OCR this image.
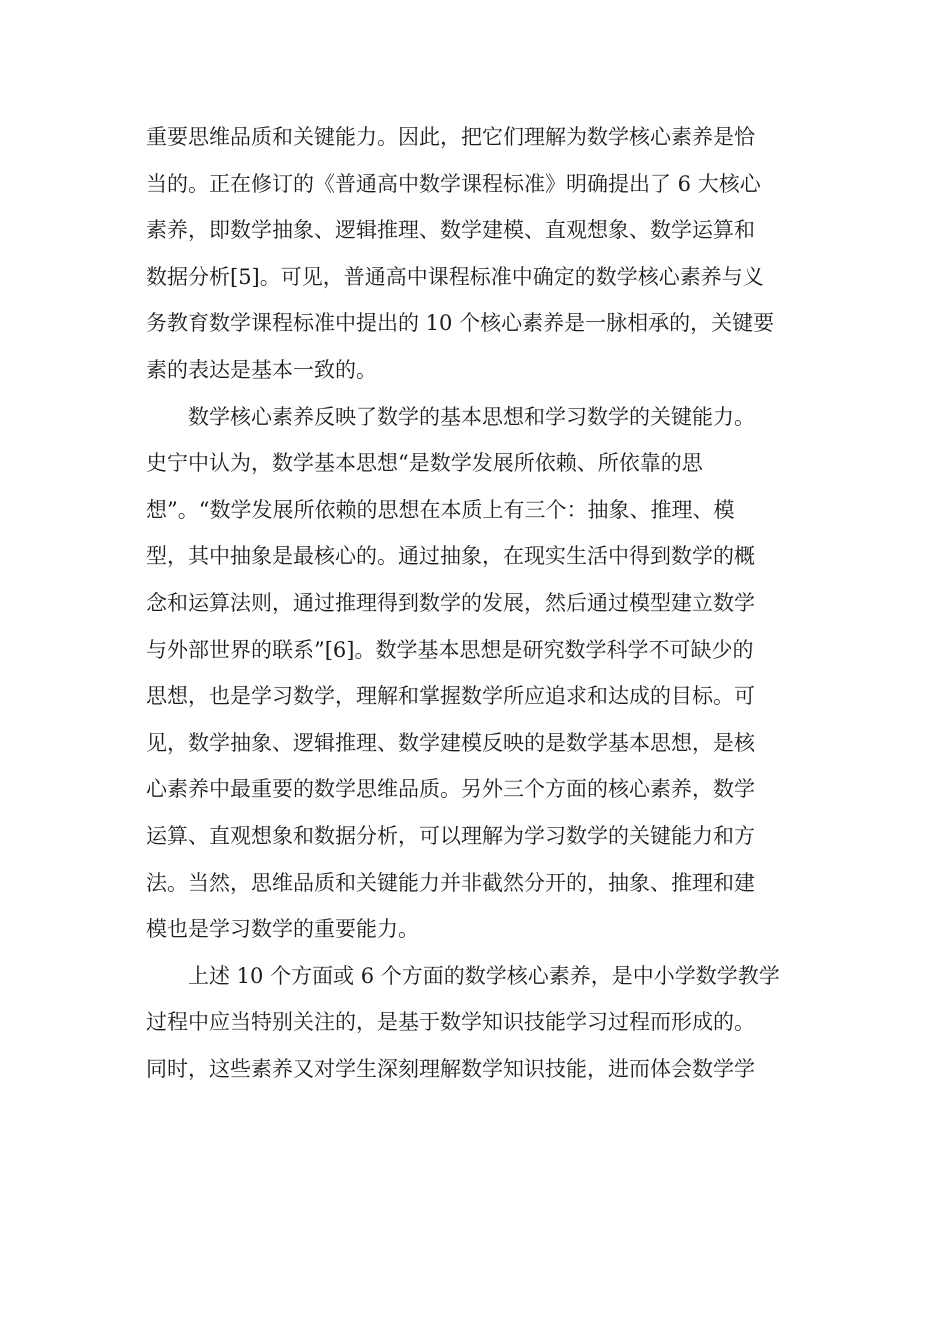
重要思维品质和关键能力。因此，把它们理解为数学核心素养是恰
当的。正在修订的《普通高中数学课程标准》明确提出了 6 大核心
素养，即数学抽象、逻辑推理、数学建模、直观想象、数学运算和
数据分析[5]。可见，普通高中课程标准中确定的数学核心素养与义
务教育数学课程标准中提出的 10 个核心素养是一脉相承的，关键要
素的表达是基本一致的。
数学核心素养反映了数学的基本思想和学习数学的关键能力。
史宁中认为，数学基本思想“是数学发展所依赖、所依靠的思
想”。“数学发展所依赖的思想在本质上有三个：抽象、推理、模
型，其中抽象是最核心的。通过抽象，在现实生活中得到数学的概
念和运算法则，通过推理得到数学的发展，然后通过模型建立数学
与外部世界的联系”[6]。数学基本思想是研究数学科学不可缺少的
思想，也是学习数学，理解和掌握数学所应追求和达成的目标。可
见，数学抽象、逻辑推理、数学建模反映的是数学基本思想，是核
心素养中最重要的数学思维品质。另外三个方面的核心素养，数学
运算、直观想象和数据分析，可以理解为学习数学的关键能力和方
法。当然，思维品质和关键能力并非截然分开的，抽象、推理和建
模也是学习数学的重要能力。
上述 10 个方面或 6 个方面的数学核心素养，是中小学数学教学
过程中应当特别关注的，是基于数学知识技能学习过程而形成的。
同时，这些素养又对学生深刻理解数学知识技能，进而体会数学学
